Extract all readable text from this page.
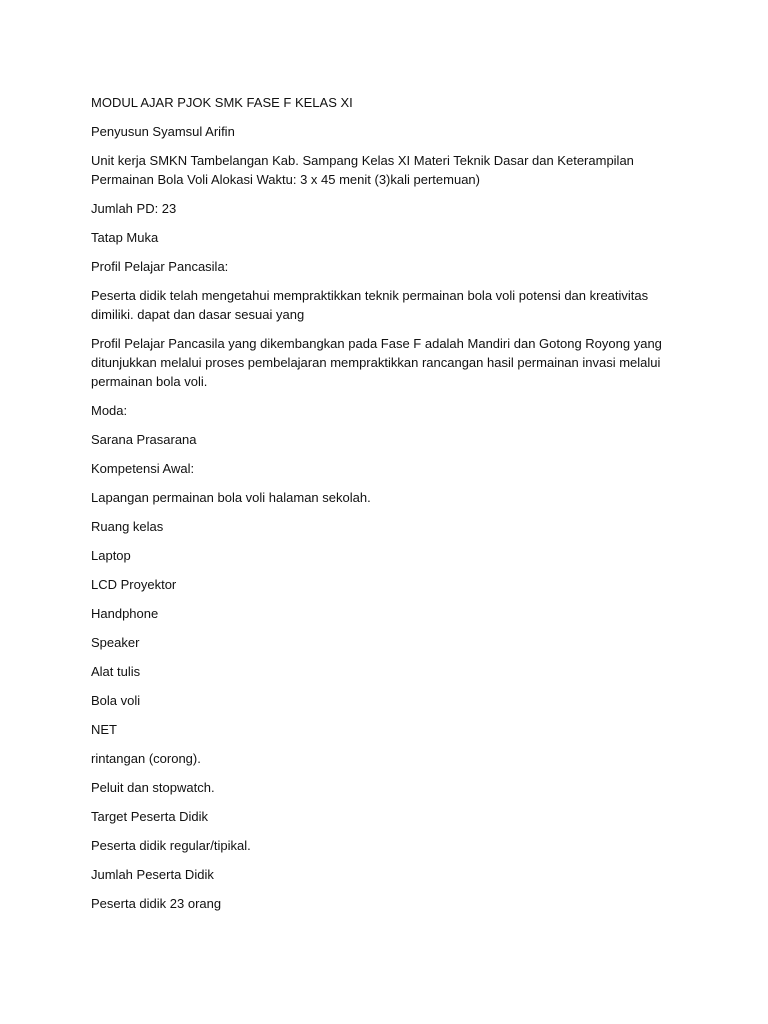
MODUL AJAR PJOK SMK FASE F KELAS XI

Penyusun Syamsul Arifin

Unit kerja SMKN Tambelangan Kab. Sampang Kelas XI Materi Teknik Dasar dan Keterampilan Permainan Bola Voli Alokasi Waktu: 3 x 45 menit (3)kali pertemuan)

Jumlah PD: 23

Tatap Muka

Profil Pelajar Pancasila:

Peserta didik telah mengetahui mempraktikkan teknik permainan bola voli potensi dan kreativitas dimiliki. dapat dan dasar sesuai yang

Profil Pelajar Pancasila yang dikembangkan pada Fase F adalah Mandiri dan Gotong Royong yang ditunjukkan melalui proses pembelajaran mempraktikkan rancangan hasil permainan invasi melalui permainan bola voli.

Moda:

Sarana Prasarana

Kompetensi Awal:

Lapangan permainan bola voli halaman sekolah.

Ruang kelas

Laptop

LCD Proyektor

Handphone

Speaker

Alat tulis

Bola voli

NET

rintangan (corong).

Peluit dan stopwatch.

Target Peserta Didik

Peserta didik regular/tipikal.

Jumlah Peserta Didik

Peserta didik 23 orang
